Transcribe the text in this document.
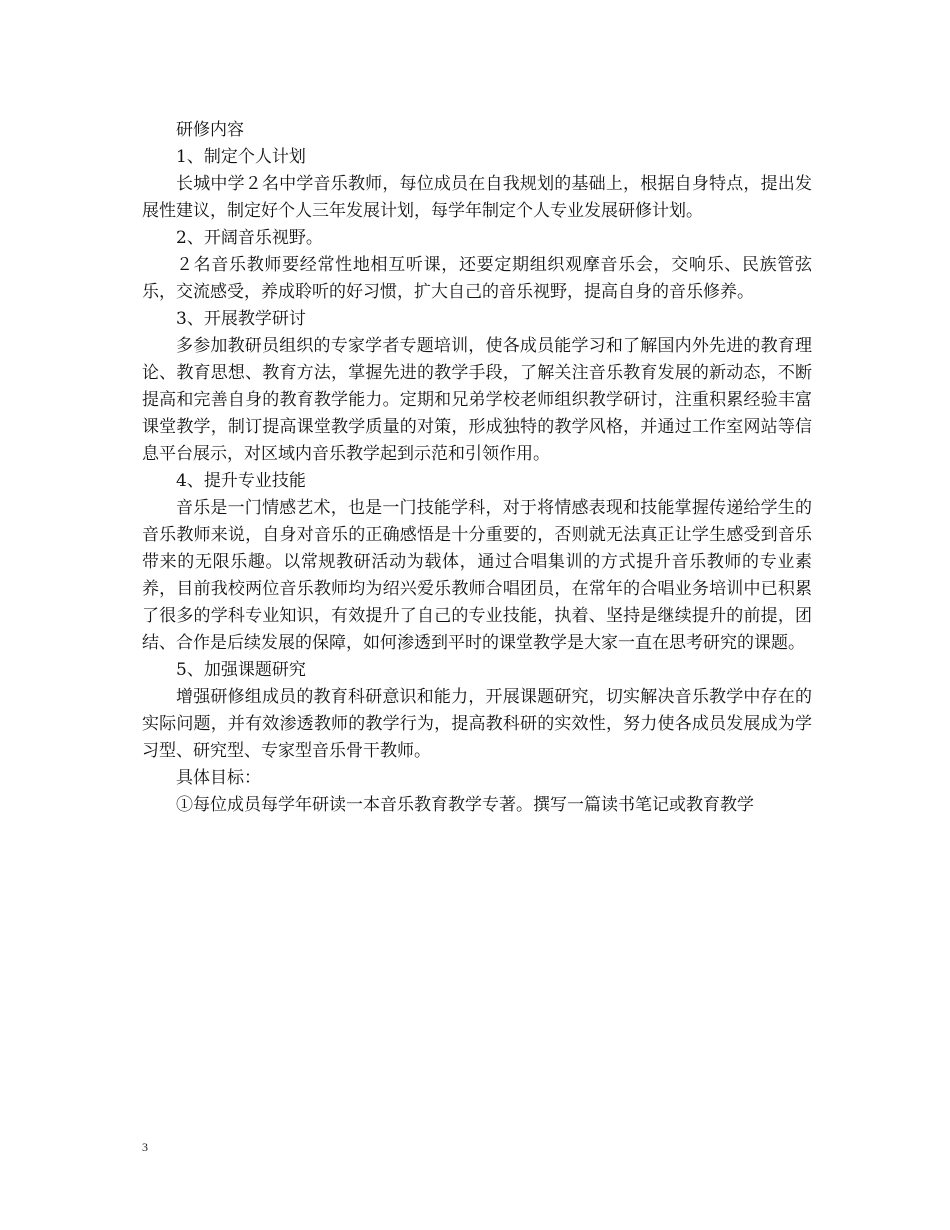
研修内容

1、制定个人计划

长城中学２名中学音乐教师，每位成员在自我规划的基础上，根据自身特点，提出发展性建议，制定好个人三年发展计划，每学年制定个人专业发展研修计划。

2、开阔音乐视野。

２名音乐教师要经常性地相互听课，还要定期组织观摩音乐会，交响乐、民族管弦乐，交流感受，养成聆听的好习惯，扩大自己的音乐视野，提高自身的音乐修养。

3、开展教学研讨

多参加教研员组织的专家学者专题培训，使各成员能学习和了解国内外先进的教育理论、教育思想、教育方法，掌握先进的教学手段，了解关注音乐教育发展的新动态，不断提高和完善自身的教育教学能力。定期和兄弟学校老师组织教学研讨，注重积累经验丰富课堂教学，制订提高课堂教学质量的对策，形成独特的教学风格，并通过工作室网站等信息平台展示，对区域内音乐教学起到示范和引领作用。

4、提升专业技能

音乐是一门情感艺术，也是一门技能学科，对于将情感表现和技能掌握传递给学生的音乐教师来说，自身对音乐的正确感悟是十分重要的，否则就无法真正让学生感受到音乐带来的无限乐趣。以常规教研活动为载体，通过合唱集训的方式提升音乐教师的专业素养，目前我校两位音乐教师均为绍兴爱乐教师合唱团员，在常年的合唱业务培训中已积累了很多的学科专业知识，有效提升了自己的专业技能，执着、坚持是继续提升的前提，团结、合作是后续发展的保障，如何渗透到平时的课堂教学是大家一直在思考研究的课题。

5、加强课题研究

增强研修组成员的教育科研意识和能力，开展课题研究，切实解决音乐教学中存在的实际问题，并有效渗透教师的教学行为，提高教科研的实效性，努力使各成员发展成为学习型、研究型、专家型音乐骨干教师。

具体目标：

①每位成员每学年研读一本音乐教育教学专著。撰写一篇读书笔记或教育教学

3
